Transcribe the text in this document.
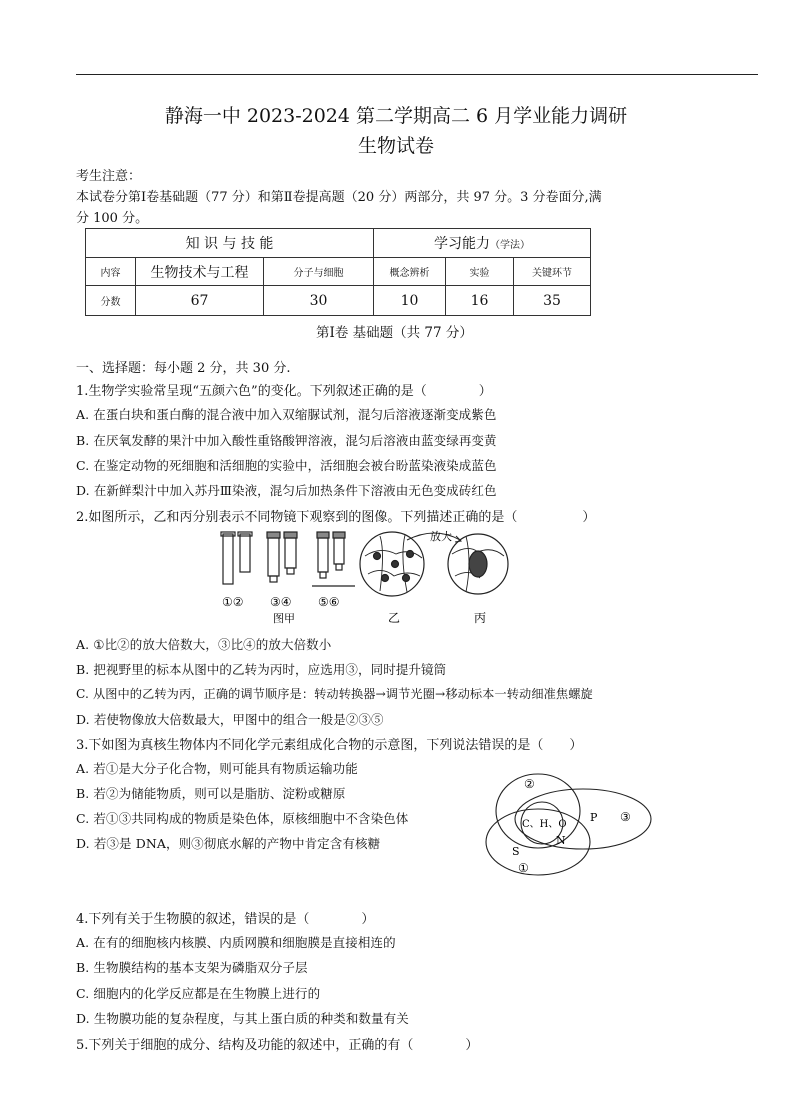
静海一中 2023-2024 第二学期高二 6 月学业能力调研
生物试卷
考生注意：
本试卷分第Ⅰ卷基础题（77 分）和第Ⅱ卷提高题（20 分）两部分，共 97 分。3 分卷面分,满
分 100 分。
知 识 与 技 能			学习能力（学法）		
内容	生物技术与工程	分子与细胞	概念辨析	实验	关键环节
分数	67	30	10	16	35
第Ⅰ卷 基础题（共 77 分）
一、选择题：每小题 2 分，共 30 分.
1.生物学实验常呈现“五颜六色”的变化。下列叙述正确的是（　　　　）
A. 在蛋白块和蛋白酶的混合液中加入双缩脲试剂，混匀后溶液逐渐变成紫色
B. 在厌氧发酵的果汁中加入酸性重铬酸钾溶液，混匀后溶液由蓝变绿再变黄
C. 在鉴定动物的死细胞和活细胞的实验中，活细胞会被台盼蓝染液染成蓝色
D. 在新鲜梨汁中加入苏丹Ⅲ染液，混匀后加热条件下溶液由无色变成砖红色
2.如图所示，乙和丙分别表示不同物镜下观察到的图像。下列描述正确的是（　　　　　）
放大
①② ③④ ⑤⑥
图甲	乙	丙
A. ①比②的放大倍数大，③比④的放大倍数小
B. 把视野里的标本从图中的乙转为丙时，应选用③，同时提升镜筒
C. 从图中的乙转为丙，正确的调节顺序是：转动转换器→调节光圈→移动标本一转动细准焦螺旋
D. 若使物像放大倍数最大，甲图中的组合一般是②③⑤
3.下如图为真核生物体内不同化学元素组成化合物的示意图，下列说法错误的是（　　）
A. 若①是大分子化合物，则可能具有物质运输功能
B. 若②为储能物质，则可以是脂肪、淀粉或糖原
C. 若①③共同构成的物质是染色体，原核细胞中不含染色体
D. 若③是 DNA，则③彻底水解的产物中肯定含有核糖
②
C、H、O
P ③
N
S
①
4.下列有关于生物膜的叙述，错误的是（　　　　）
A. 在有的细胞核内核膜、内质网膜和细胞膜是直接相连的
B. 生物膜结构的基本支架为磷脂双分子层
C. 细胞内的化学反应都是在生物膜上进行的
D. 生物膜功能的复杂程度，与其上蛋白质的种类和数量有关
5.下列关于细胞的成分、结构及功能的叙述中，正确的有（　　　　）
